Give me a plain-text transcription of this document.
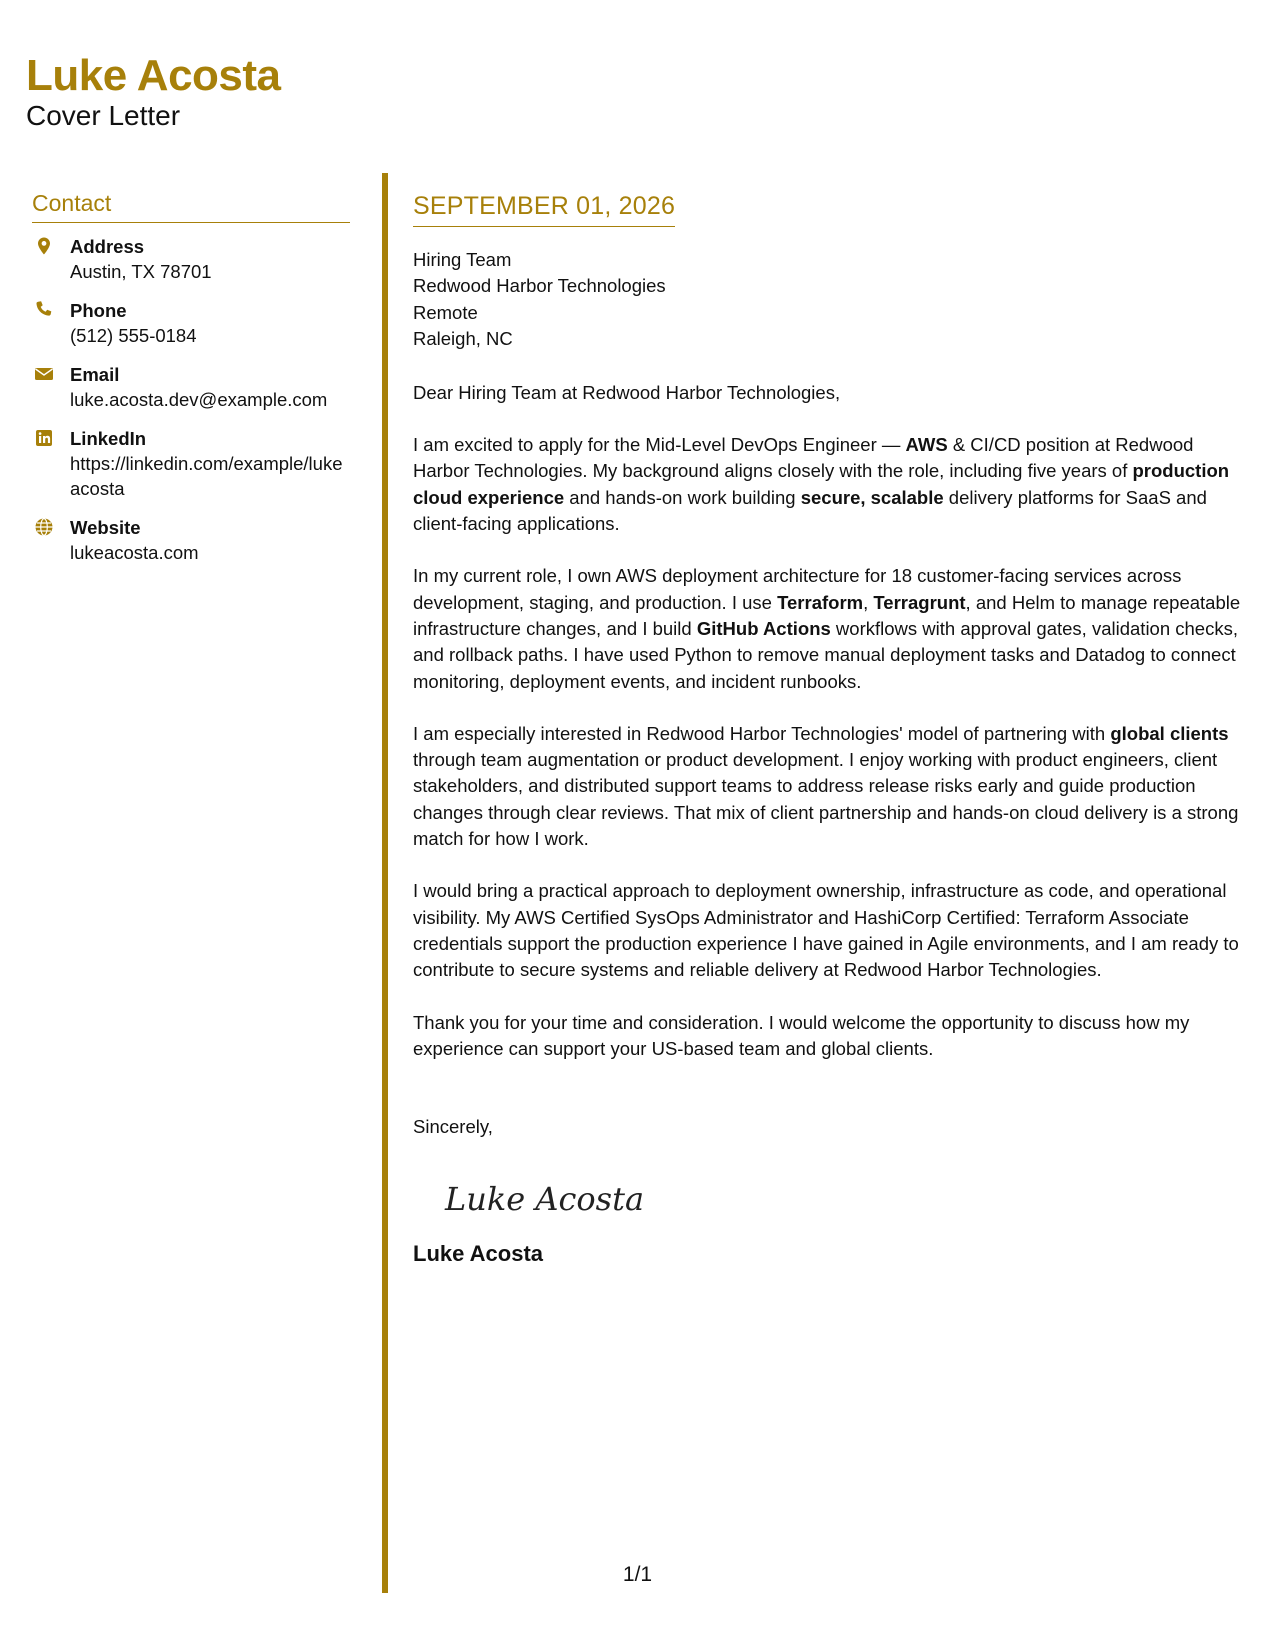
Luke Acosta
Cover Letter
Contact
Address
Austin, TX 78701
Phone
(512) 555-0184
Email
luke.acosta.dev@example.com
LinkedIn
https://linkedin.com/example/lukeacosta
Website
lukeacosta.com
SEPTEMBER 01, 2026
Hiring Team
Redwood Harbor Technologies
Remote
Raleigh, NC
Dear Hiring Team at Redwood Harbor Technologies,
I am excited to apply for the Mid-Level DevOps Engineer — AWS & CI/CD position at Redwood Harbor Technologies. My background aligns closely with the role, including five years of production cloud experience and hands-on work building secure, scalable delivery platforms for SaaS and client-facing applications.
In my current role, I own AWS deployment architecture for 18 customer-facing services across development, staging, and production. I use Terraform, Terragrunt, and Helm to manage repeatable infrastructure changes, and I build GitHub Actions workflows with approval gates, validation checks, and rollback paths. I have used Python to remove manual deployment tasks and Datadog to connect monitoring, deployment events, and incident runbooks.
I am especially interested in Redwood Harbor Technologies' model of partnering with global clients through team augmentation or product development. I enjoy working with product engineers, client stakeholders, and distributed support teams to address release risks early and guide production changes through clear reviews. That mix of client partnership and hands-on cloud delivery is a strong match for how I work.
I would bring a practical approach to deployment ownership, infrastructure as code, and operational visibility. My AWS Certified SysOps Administrator and HashiCorp Certified: Terraform Associate credentials support the production experience I have gained in Agile environments, and I am ready to contribute to secure systems and reliable delivery at Redwood Harbor Technologies.
Thank you for your time and consideration. I would welcome the opportunity to discuss how my experience can support your US-based team and global clients.
Sincerely,
Luke Acosta
Luke Acosta
1/1
